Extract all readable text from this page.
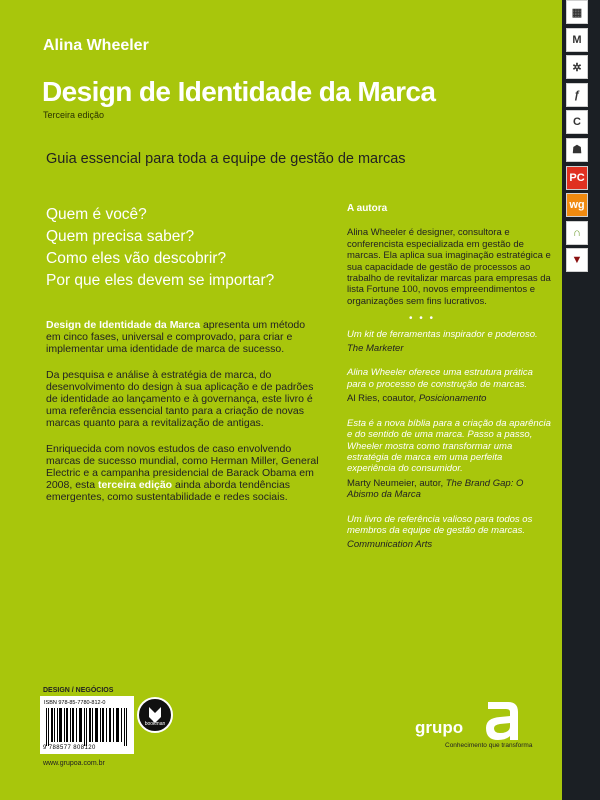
Alina Wheeler
Design de Identidade da Marca
Terceira edição
Guia essencial para toda a equipe de gestão de marcas
Quem é você?
Quem precisa saber?
Como eles vão descobrir?
Por que eles devem se importar?

Design de Identidade da Marca apresenta um método em cinco fases, universal e comprovado, para criar e implementar uma identidade de marca de sucesso.

Da pesquisa e análise à estratégia de marca, do desenvolvimento do design à sua aplicação e de padrões de identidade ao lançamento e à governança, este livro é uma referência essencial tanto para a criação de novas marcas quanto para a revitalização de antigas.

Enriquecida com novos estudos de caso envolvendo marcas de sucesso mundial, como Herman Miller, General Electric e a campanha presidencial de Barack Obama em 2008, esta terceira edição ainda aborda tendências emergentes, como sustentabilidade e redes sociais.

A autora

Alina Wheeler é designer, consultora e conferencista especializada em gestão de marcas. Ela aplica sua imaginação estratégica e sua capacidade de gestão de processos ao trabalho de revitalizar marcas para empresas da lista Fortune 100, novos empreendimentos e organizações sem fins lucrativos.

• • •
Um kit de ferramentas inspirador e poderoso.
The Marketer
Alina Wheeler oferece uma estrutura prática para o processo de construção de marcas.
Al Ries, coautor, Posicionamento
Esta é a nova bíblia para a criação da aparência e do sentido de uma marca. Passo a passo, Wheeler mostra como transformar uma estratégia de marca em uma perfeita experiência do consumidor.
Marty Neumeier, autor, The Brand Gap: O Abismo da Marca
Um livro de referência valioso para todos os membros da equipe de gestão de marcas.
Communication Arts
DESIGN / NEGÓCIOS
ISBN 978-85-7780-812-0
9 788577 808120
www.grupoa.com.br
bookman	grupo
Conhecimento que transforma
▦
M
✲
ƒ
C
☗
PC
wg
∩
▼
